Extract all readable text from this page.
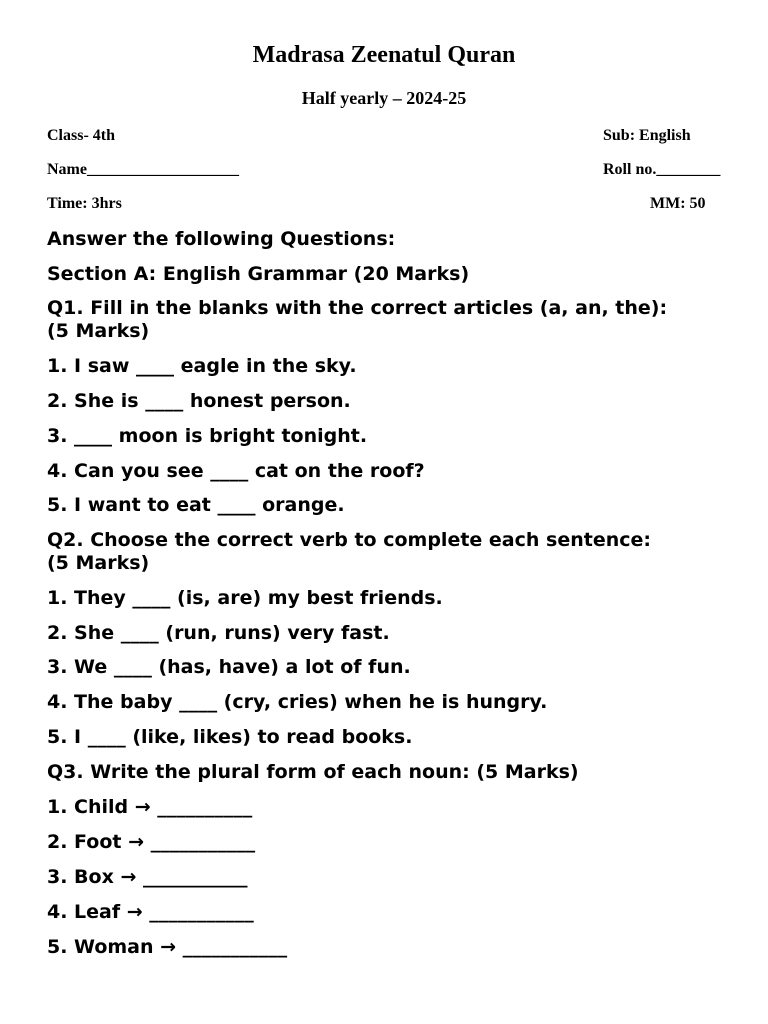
Madrasa Zeenatul Quran
Half yearly – 2024-25
Class- 4th	Sub: English
Name___________________	Roll no.________
Time: 3hrs	MM: 50
Answer the following Questions:
Section A: English Grammar (20 Marks)
Q1. Fill in the blanks with the correct articles (a, an, the):
(5 Marks)
1. I saw ____ eagle in the sky.
2. She is ____ honest person.
3. ____ moon is bright tonight.
4. Can you see ____ cat on the roof?
5. I want to eat ____ orange.
Q2. Choose the correct verb to complete each sentence:
(5 Marks)
1. They ____ (is, are) my best friends.
2. She ____ (run, runs) very fast.
3. We ____ (has, have) a lot of fun.
4. The baby ____ (cry, cries) when he is hungry.
5. I ____ (like, likes) to read books.
Q3. Write the plural form of each noun: (5 Marks)
1. Child → __________
2. Foot → ___________
3. Box → ___________
4. Leaf → ___________
5. Woman → ___________
